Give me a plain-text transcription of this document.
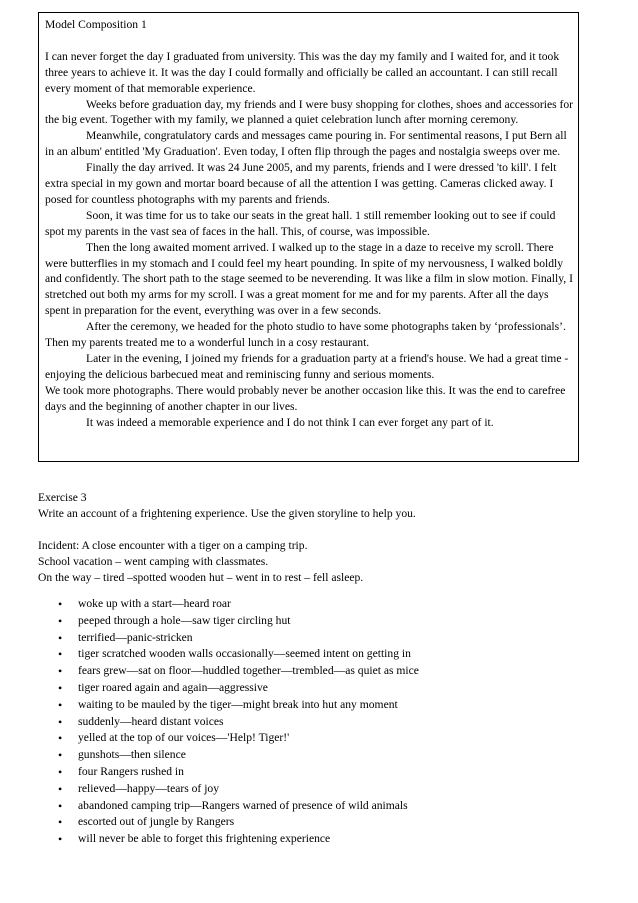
Model Composition 1

I can never forget the day I graduated from university. This was the day my family and I waited for, and it took three years to achieve it. It was the day I could formally and officially be called an accountant. I can still recall every moment of that memorable experience.

Weeks before graduation day, my friends and I were busy shopping for clothes, shoes and accessories for the big event. Together with my family, we planned a quiet celebration lunch after morning ceremony.

Meanwhile, congratulatory cards and messages came pouring in. For sentimental reasons, I put Bern all in an album' entitled 'My Graduation'. Even today, I often flip through the pages and nostalgia sweeps over me.

Finally the day arrived. It was 24 June 2005, and my parents, friends and I were dressed 'to kill'. I felt extra special in my gown and mortar board because of all the attention I was getting. Cameras clicked away. I posed for countless photographs with my parents and friends.

Soon, it was time for us to take our seats in the great hall. 1 still remember looking out to see if could spot my parents in the vast sea of faces in the hall. This, of course, was impossible.

Then the long awaited moment arrived. I walked up to the stage in a daze to receive my scroll. There were butterflies in my stomach and I could feel my heart pounding. In spite of my nervousness, I walked boldly and confidently. The short path to the stage seemed to be neverending. It was like a film in slow motion. Finally, I stretched out both my arms for my scroll. I was a great moment for me and for my parents. After all the days spent in preparation for the event, everything was over in a few seconds.

After the ceremony, we headed for the photo studio to have some photographs taken by ‘professionals’. Then my parents treated me to a wonderful lunch in a cosy restaurant.

Later in the evening, I joined my friends for a graduation party at a friend's house. We had a great time - enjoying the delicious barbecued meat and reminiscing funny and serious moments.

We took more photographs. There would probably never be another occasion like this. It was the end to carefree days and the beginning of another chapter in our lives.

It was indeed a memorable experience and I do not think I can ever forget any part of it.

Exercise 3

Write an account of a frightening experience. Use the given storyline to help you.

Incident: A close encounter with a tiger on a camping trip.

School vacation – went camping with classmates.

On the way – tired –spotted wooden hut – went in to rest – fell asleep.

• woke up with a start—heard roar
• peeped through a hole—saw tiger circling hut
• terrified—panic-stricken
• tiger scratched wooden walls occasionally—seemed intent on getting in
• fears grew—sat on floor—huddled together—trembled—as quiet as mice
• tiger roared again and again—aggressive
• waiting to be mauled by the tiger—might break into hut any moment
• suddenly—heard distant voices
• yelled at the top of our voices—'Help! Tiger!'
• gunshots—then silence
• four Rangers rushed in
• relieved—happy—tears of joy
• abandoned camping trip—Rangers warned of presence of wild animals
• escorted out of jungle by Rangers
• will never be able to forget this frightening experience
